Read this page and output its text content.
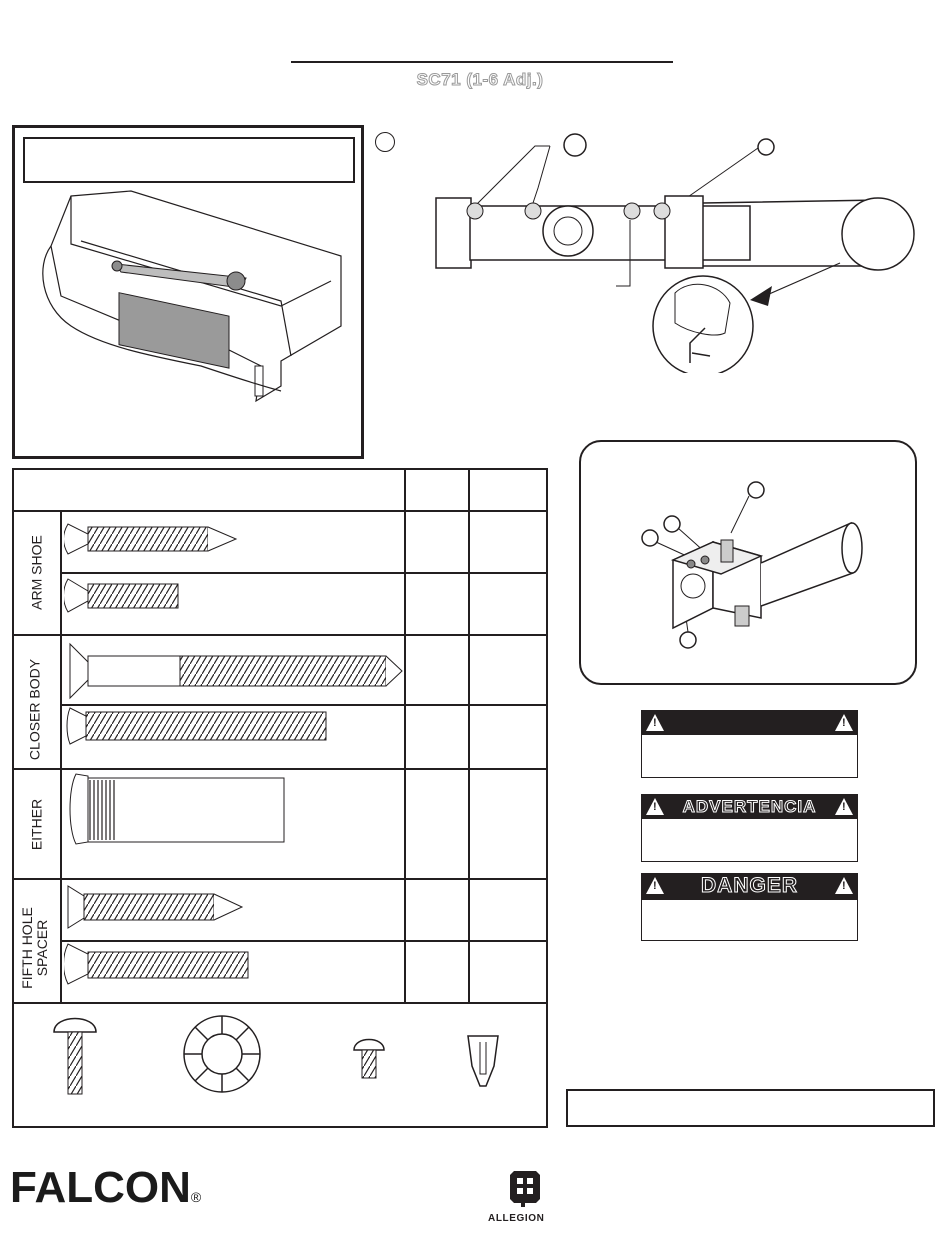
SC71 (1-6 Adj.)
ARM SHOE
CLOSER BODY
EITHER
FIFTH HOLE SPACER
!	!
!	ADVERTENCIA	!
!	DANGER	!
FALCON®
ALLEGION
